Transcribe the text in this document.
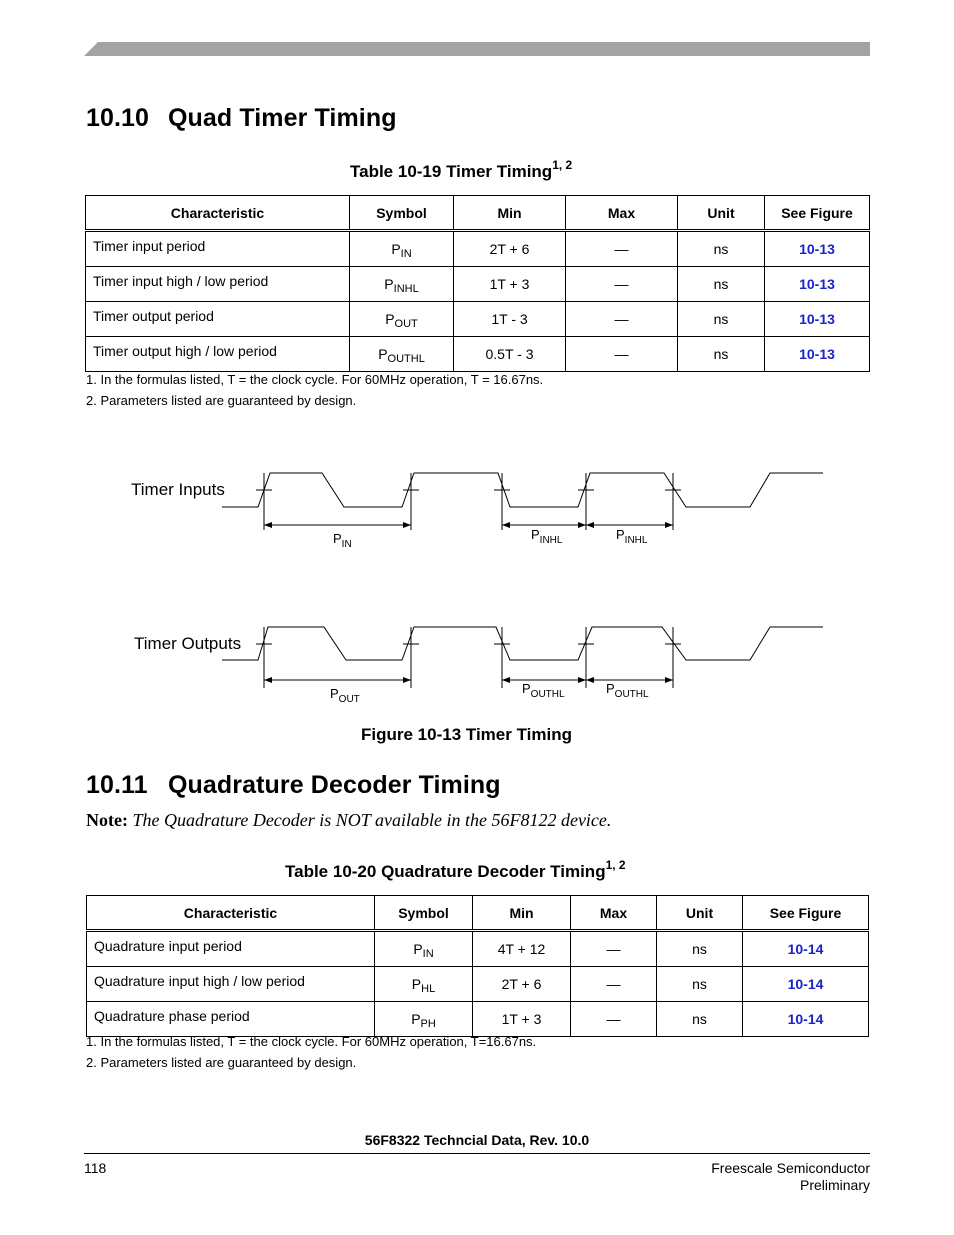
10.10 Quad Timer Timing
Table 10-19 Timer Timing$^{1, 2}$
Characteristic	Symbol	Min	Max	Unit	See Figure

Timer input period	$P_{IN}$	2T + 6	—	ns	10-13
Timer input high / low period	$P_{INHL}$	1T + 3	—	ns	10-13
Timer output period	$P_{OUT}$	1T - 3	—	ns	10-13
Timer output high / low period	$P_{OUTHL}$	0.5T - 3	—	ns	10-13
1. In the formulas listed, T = the clock cycle. For 60MHz operation, T = 16.67ns.
2. Parameters listed are guaranteed by design.
Timer Inputs
Timer Outputs
$P_{IN}$
$P_{INHL}$	$P_{INHL}$
$P_{OUT}$
$P_{OUTHL}$	$P_{OUTHL}$
Figure 10-13 Timer Timing
10.11 Quadrature Decoder Timing
Note: The Quadrature Decoder is NOT available in the 56F8122 device.
Table 10-20 Quadrature Decoder Timing$^{1, 2}$
Characteristic	Symbol	Min	Max	Unit	See Figure

Quadrature input period	$P_{IN}$	4T + 12	—	ns	10-14
Quadrature input high / low period	$P_{HL}$	2T + 6	—	ns	10-14
Quadrature phase period	$P_{PH}$	1T + 3	—	ns	10-14
1. In the formulas listed, T = the clock cycle. For 60MHz operation, T=16.67ns.
2. Parameters listed are guaranteed by design.
56F8322 Techncial Data, Rev. 10.0
118	Freescale Semiconductor
Preliminary
